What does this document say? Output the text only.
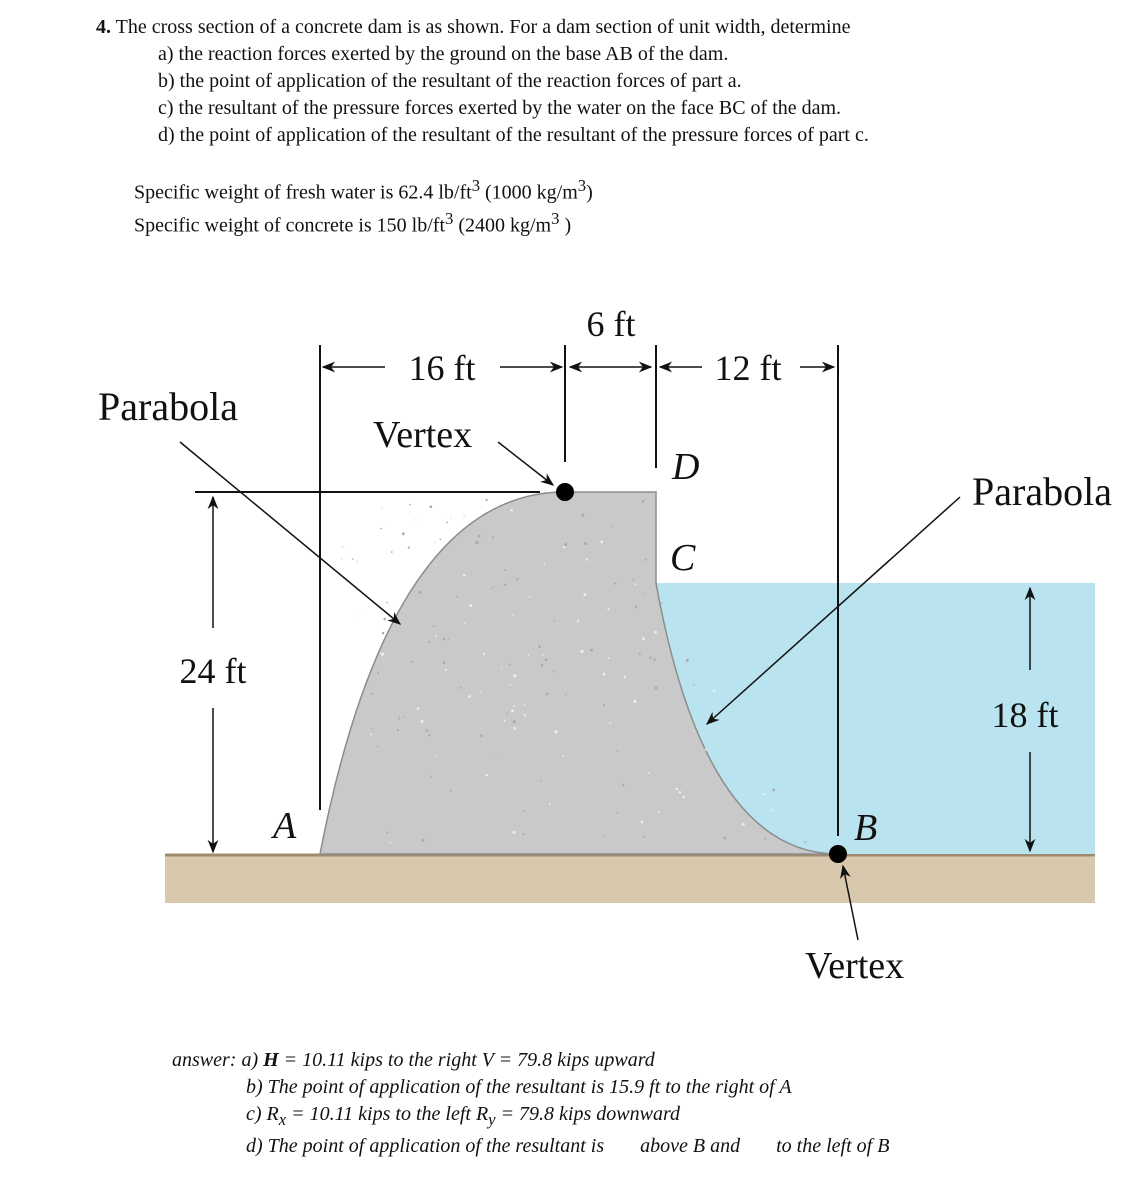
4. The cross section of a concrete dam is as shown. For a dam section of unit width, determine
a) the reaction forces exerted by the ground on the base AB of the dam.
b) the point of application of the resultant of the reaction forces of part a.
c) the resultant of the pressure forces exerted by the water on the face BC of the dam.
d) the point of application of the resultant of the resultant of the pressure forces of part c.
Specific weight of fresh water is 62.4 $lb/ft^3$ (1000 $kg/m^3$)
Specific weight of concrete is 150 $lb/ft^3$ (2400 $kg/m^3$ )
16 ft
6 ft
12 ft
24 ft
18 ft
Parabola
Parabola
Vertex
Vertex
A	B
C
D
answer: a) H = 10.11 kips to the right V = 79.8 kips upward
b) The point of application of the resultant is 15.9 ft to the right of A
c) $R_x = 10.11$ kips to the left $R_y = 79.8$ kips downward
d) The point of application of the resultant is above B and to the left of B
